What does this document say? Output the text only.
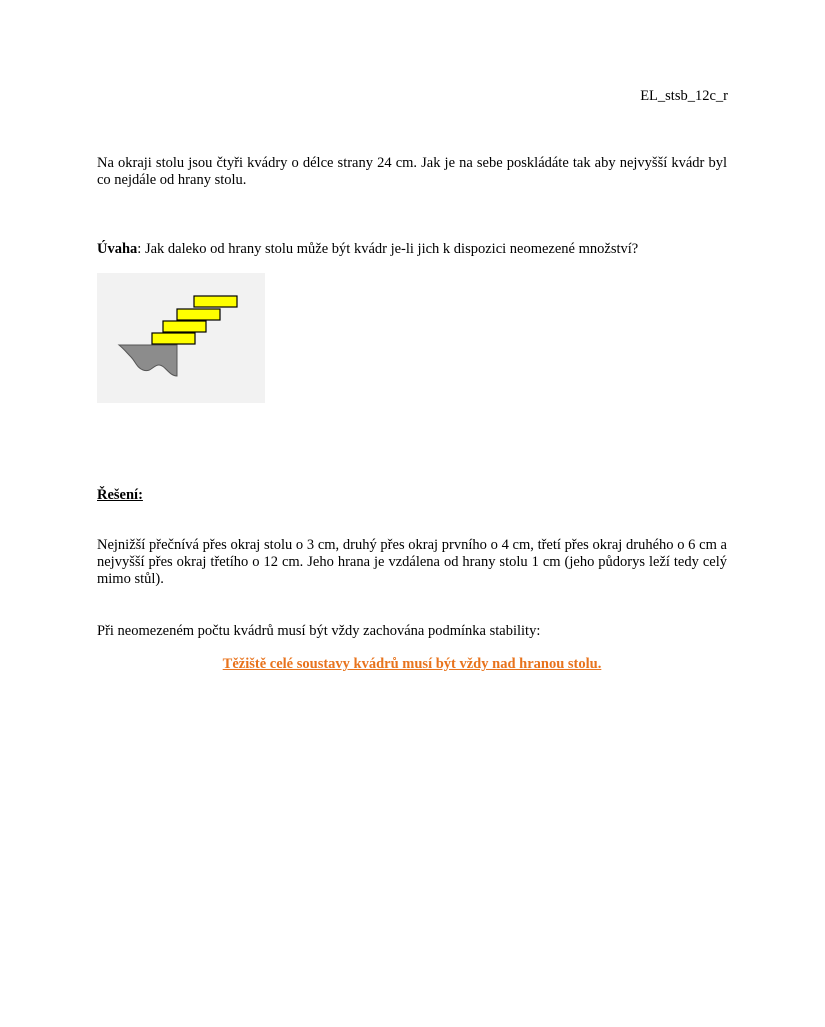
EL_stsb_12c_r

Na okraji stolu jsou čtyři kvádry o délce strany 24 cm. Jak je na sebe poskládáte tak aby nejvyšší kvádr byl co nejdále od hrany stolu.

Úvaha: Jak daleko od hrany stolu může být kvádr je-li jich k dispozici neomezené množství?

Řešení:

Nejnižší přečnívá přes okraj stolu o 3 cm, druhý přes okraj prvního o 4 cm, třetí přes okraj druhého o 6 cm a nejvyšší přes okraj třetího o 12 cm. Jeho hrana je vzdálena od hrany stolu 1 cm (jeho půdorys leží tedy celý mimo stůl).

Při neomezeném počtu kvádrů musí být vždy zachována podmínka stability:

Těžiště celé soustavy kvádrů musí být vždy nad hranou stolu.
